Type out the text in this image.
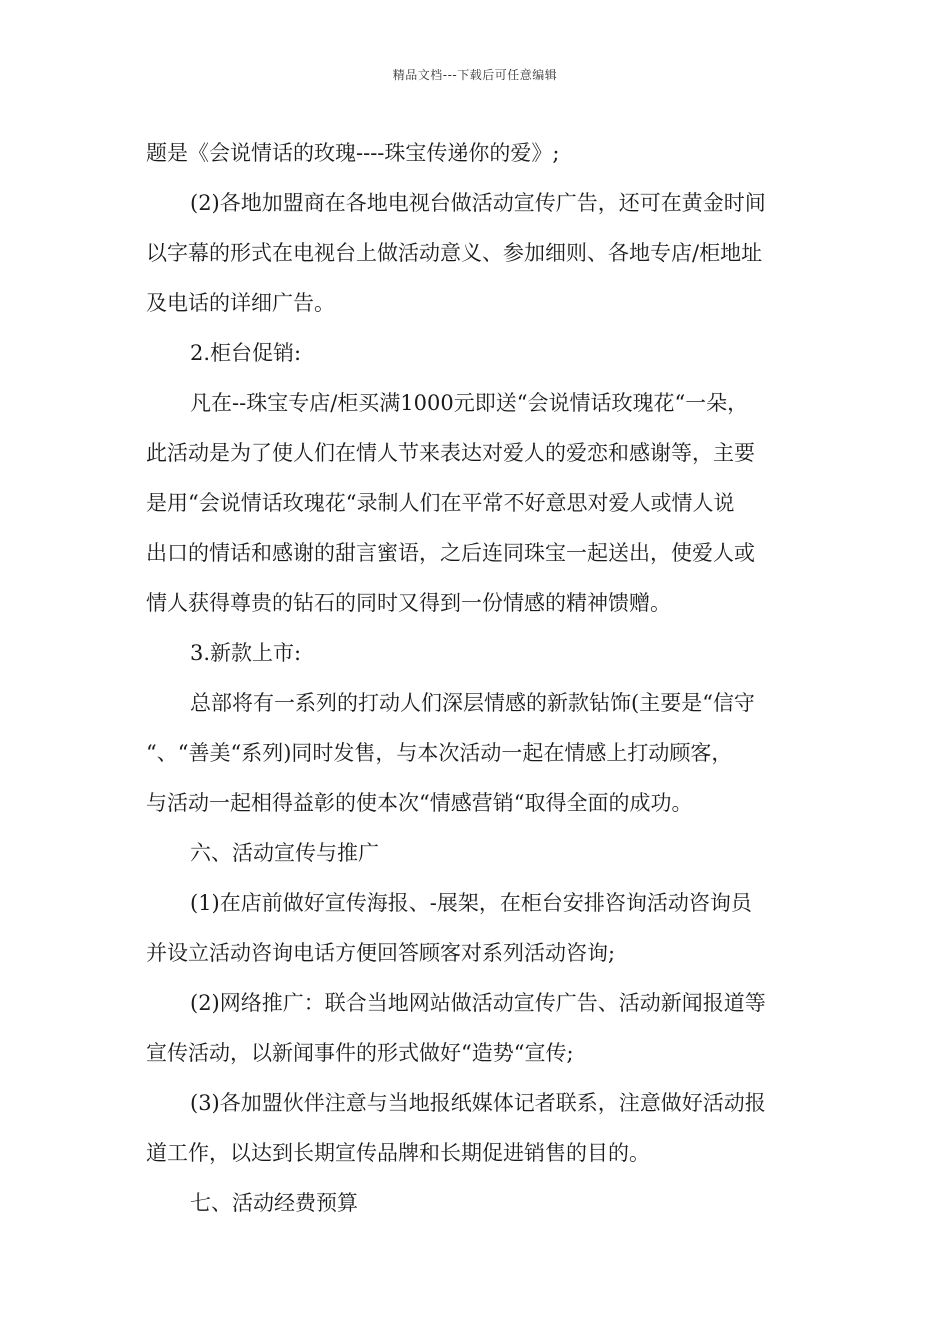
精品文档---下载后可任意编辑
题是《会说情话的玫瑰----珠宝传递你的爱》;
(2)各地加盟商在各地电视台做活动宣传广告，还可在黄金时间
以字幕的形式在电视台上做活动意义、参加细则、各地专店/柜地址
及电话的详细广告。
2.柜台促销:
凡在--珠宝专店/柜买满1000元即送“会说情话玫瑰花“一朵，
此活动是为了使人们在情人节来表达对爱人的爱恋和感谢等，主要
是用“会说情话玫瑰花“录制人们在平常不好意思对爱人或情人说
出口的情话和感谢的甜言蜜语，之后连同珠宝一起送出，使爱人或
情人获得尊贵的钻石的同时又得到一份情感的精神馈赠。
3.新款上市:
总部将有一系列的打动人们深层情感的新款钻饰(主要是“信守
“、“善美“系列)同时发售，与本次活动一起在情感上打动顾客，
与活动一起相得益彰的使本次“情感营销“取得全面的成功。
六、活动宣传与推广
(1)在店前做好宣传海报、-展架，在柜台安排咨询活动咨询员
并设立活动咨询电话方便回答顾客对系列活动咨询;
(2)网络推广：联合当地网站做活动宣传广告、活动新闻报道等
宣传活动，以新闻事件的形式做好“造势“宣传;
(3)各加盟伙伴注意与当地报纸媒体记者联系，注意做好活动报
道工作，以达到长期宣传品牌和长期促进销售的目的。
七、活动经费预算
